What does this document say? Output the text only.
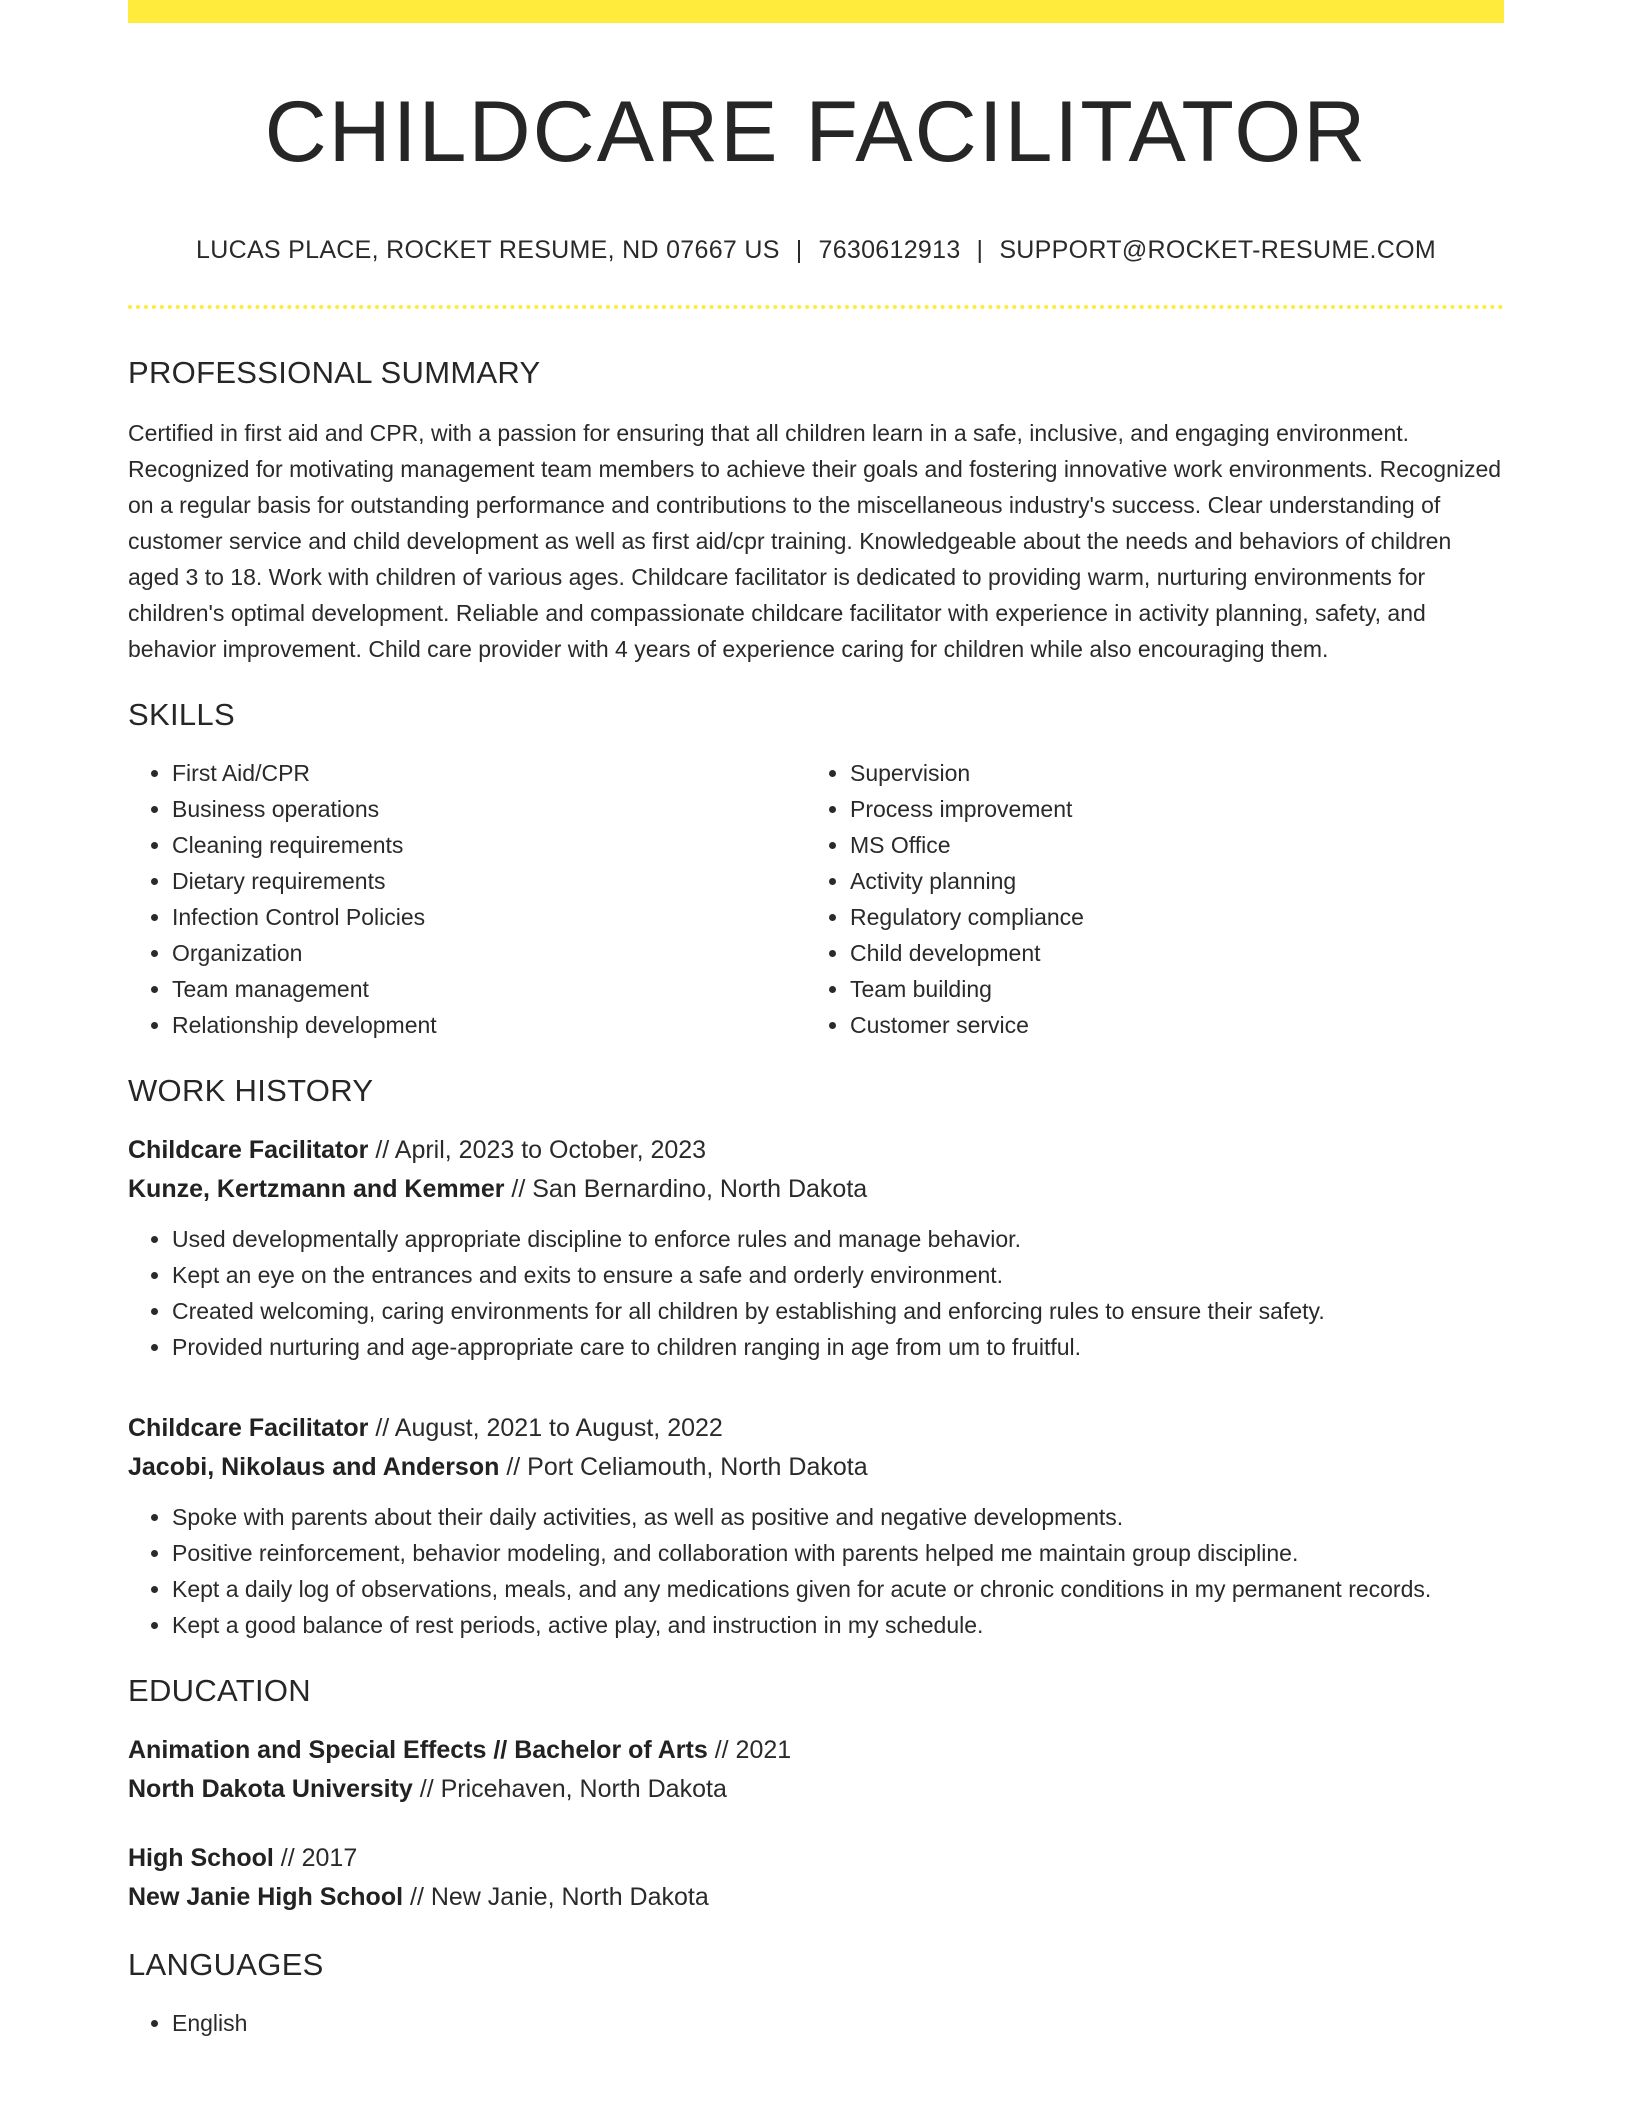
CHILDCARE FACILITATOR
LUCAS PLACE, ROCKET RESUME, ND 07667 US | 7630612913 | SUPPORT@ROCKET-RESUME.COM
PROFESSIONAL SUMMARY
Certified in first aid and CPR, with a passion for ensuring that all children learn in a safe, inclusive, and engaging environment. Recognized for motivating management team members to achieve their goals and fostering innovative work environments. Recognized on a regular basis for outstanding performance and contributions to the miscellaneous industry's success. Clear understanding of customer service and child development as well as first aid/cpr training. Knowledgeable about the needs and behaviors of children aged 3 to 18. Work with children of various ages. Childcare facilitator is dedicated to providing warm, nurturing environments for children's optimal development. Reliable and compassionate childcare facilitator with experience in activity planning, safety, and behavior improvement. Child care provider with 4 years of experience caring for children while also encouraging them.
SKILLS
• First Aid/CPR
• Business operations
• Cleaning requirements
• Dietary requirements
• Infection Control Policies
• Organization
• Team management
• Relationship development
• Supervision
• Process improvement
• MS Office
• Activity planning
• Regulatory compliance
• Child development
• Team building
• Customer service
WORK HISTORY
Childcare Facilitator // April, 2023 to October, 2023
Kunze, Kertzmann and Kemmer // San Bernardino, North Dakota
• Used developmentally appropriate discipline to enforce rules and manage behavior.
• Kept an eye on the entrances and exits to ensure a safe and orderly environment.
• Created welcoming, caring environments for all children by establishing and enforcing rules to ensure their safety.
• Provided nurturing and age-appropriate care to children ranging in age from um to fruitful.
Childcare Facilitator // August, 2021 to August, 2022
Jacobi, Nikolaus and Anderson // Port Celiamouth, North Dakota
• Spoke with parents about their daily activities, as well as positive and negative developments.
• Positive reinforcement, behavior modeling, and collaboration with parents helped me maintain group discipline.
• Kept a daily log of observations, meals, and any medications given for acute or chronic conditions in my permanent records.
• Kept a good balance of rest periods, active play, and instruction in my schedule.
EDUCATION
Animation and Special Effects // Bachelor of Arts // 2021
North Dakota University // Pricehaven, North Dakota
High School // 2017
New Janie High School // New Janie, North Dakota
LANGUAGES
• English
